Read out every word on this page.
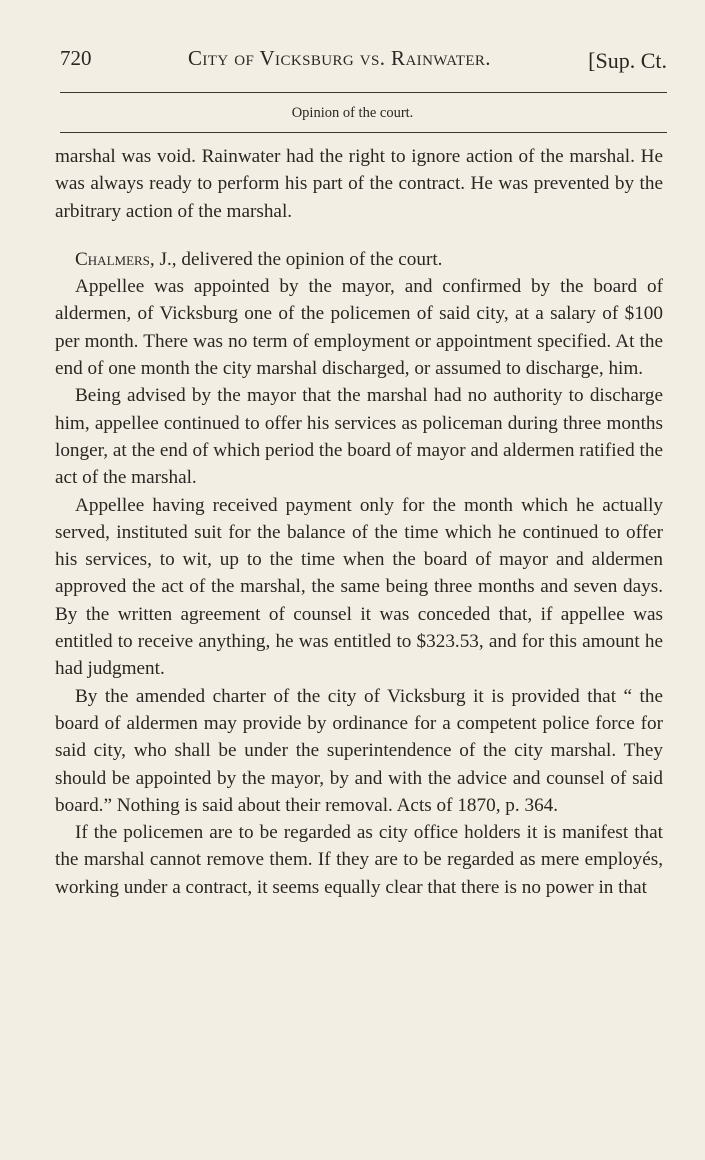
720	City of Vicksburg vs. Rainwater.	[Sup. Ct.
Opinion of the court.

marshal was void. Rainwater had the right to ignore action of the marshal. He was always ready to perform his part of the contract. He was prevented by the arbitrary action of the marshal.

Chalmers, J., delivered the opinion of the court.

Appellee was appointed by the mayor, and confirmed by the board of aldermen, of Vicksburg one of the policemen of said city, at a salary of $100 per month. There was no term of employment or appointment specified. At the end of one month the city marshal discharged, or assumed to discharge, him.

Being advised by the mayor that the marshal had no authority to discharge him, appellee continued to offer his services as policeman during three months longer, at the end of which period the board of mayor and aldermen ratified the act of the marshal.

Appellee having received payment only for the month which he actually served, instituted suit for the balance of the time which he continued to offer his services, to wit, up to the time when the board of mayor and aldermen approved the act of the marshal, the same being three months and seven days. By the written agreement of counsel it was conceded that, if appellee was entitled to receive anything, he was entitled to $323.53, and for this amount he had judgment.

By the amended charter of the city of Vicksburg it is provided that “ the board of aldermen may provide by ordinance for a competent police force for said city, who shall be under the superintendence of the city marshal. They should be appointed by the mayor, by and with the advice and counsel of said board.” Nothing is said about their removal. Acts of 1870, p. 364.

If the policemen are to be regarded as city office holders it is manifest that the marshal cannot remove them. If they are to be regarded as mere employés, working under a contract, it seems equally clear that there is no power in that
